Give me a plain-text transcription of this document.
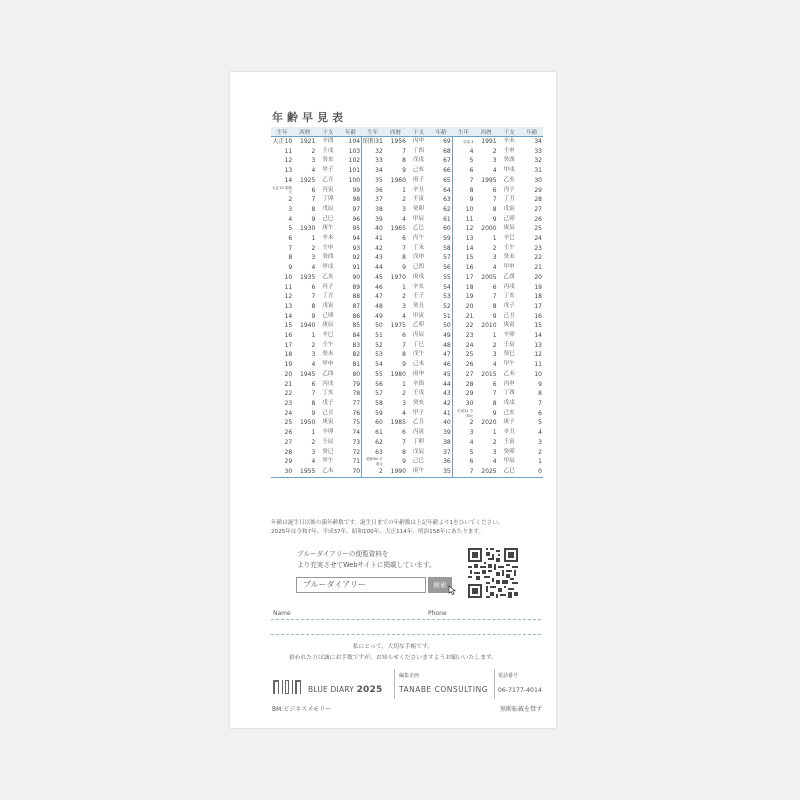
年齢早見表
生年	西暦	干支	年齢	生年	西暦	干支	年齢	生年	西暦	干支	年齢
大正10	1921	辛酉	104	昭和31	1956	丙申	69	平成 3	1991	辛未	34
11	2	壬戌	103	32	7	丁酉	68	4	2	壬申	33
12	3	癸亥	102	33	8	戊戌	67	5	3	癸酉	32
13	4	甲子	101	34	9	己亥	66	6	4	甲戌	31
14	1925	乙丑	100	35	1960	庚子	65	7	1995	乙亥	30
大正15 昭和元	6	丙寅	99	36	1	辛丑	64	8	6	丙子	29
2	7	丁卯	98	37	2	壬寅	63	9	7	丁丑	28
3	8	戊辰	97	38	3	癸卯	62	10	8	戊寅	27
4	9	己巳	96	39	4	甲辰	61	11	9	己卯	26
5	1930	庚午	95	40	1965	乙巳	60	12	2000	庚辰	25
6	1	辛未	94	41	6	丙午	59	13	1	辛巳	24
7	2	壬申	93	42	7	丁未	58	14	2	壬午	23
8	3	癸酉	92	43	8	戊申	57	15	3	癸未	22
9	4	甲戌	91	44	9	己酉	56	16	4	甲申	21
10	1935	乙亥	90	45	1970	庚戌	55	17	2005	乙酉	20
11	6	丙子	89	46	1	辛亥	54	18	6	丙戌	19
12	7	丁丑	88	47	2	壬子	53	19	7	丁亥	18
13	8	戊寅	87	48	3	癸丑	52	20	8	戊子	17
14	9	己卯	86	49	4	甲寅	51	21	9	己丑	16
15	1940	庚辰	85	50	1975	乙卯	50	22	2010	庚寅	15
16	1	辛巳	84	51	6	丙辰	49	23	1	辛卯	14
17	2	壬午	83	52	7	丁巳	48	24	2	壬辰	13
18	3	癸未	82	53	8	戊午	47	25	3	癸巳	12
19	4	甲申	81	54	9	己未	46	26	4	甲午	11
20	1945	乙酉	80	55	1980	庚申	45	27	2015	乙未	10
21	6	丙戌	79	56	1	辛酉	44	28	6	丙申	9
22	7	丁亥	78	57	2	壬戌	43	29	7	丁酉	8
23	8	戊子	77	58	3	癸亥	42	30	8	戊戌	7
24	9	己丑	76	59	4	甲子	41	平成31 令和元	9	己亥	6
25	1950	庚寅	75	60	1985	乙丑	40	2	2020	庚子	5
26	1	辛卯	74	61	6	丙寅	39	3	1	辛丑	4
27	2	壬辰	73	62	7	丁卯	38	4	2	壬寅	3
28	3	癸巳	72	63	8	戊辰	37	5	3	癸卯	2
29	4	甲午	71	昭和64 平成元	9	己巳	36	6	4	甲辰	1
30	1955	乙未	70	2	1990	庚午	35	7	2025	乙巳	0
年齢は誕生日以後の満年齢数です。誕生日までの年齢数は上記年齢より1をひいてください。
2025年は令和7年、平成37年、昭和100年、大正114年、明治158年にあたります。
ブルーダイアリーの便覧資料を
より充実させてWebサイトに掲載しています。
ブルーダイアリー	検索
Name	Phone
私にとって、大切な手帳です。
拾われた方は誠にお手数ですが、お知らせくださいますようお願いいたします。
BLUE DIARY 2025
編集企画
TANABE CONSULTING
電話番号
06-7177-4014
BM:ビジネスメモリー	無断転載を禁ず
